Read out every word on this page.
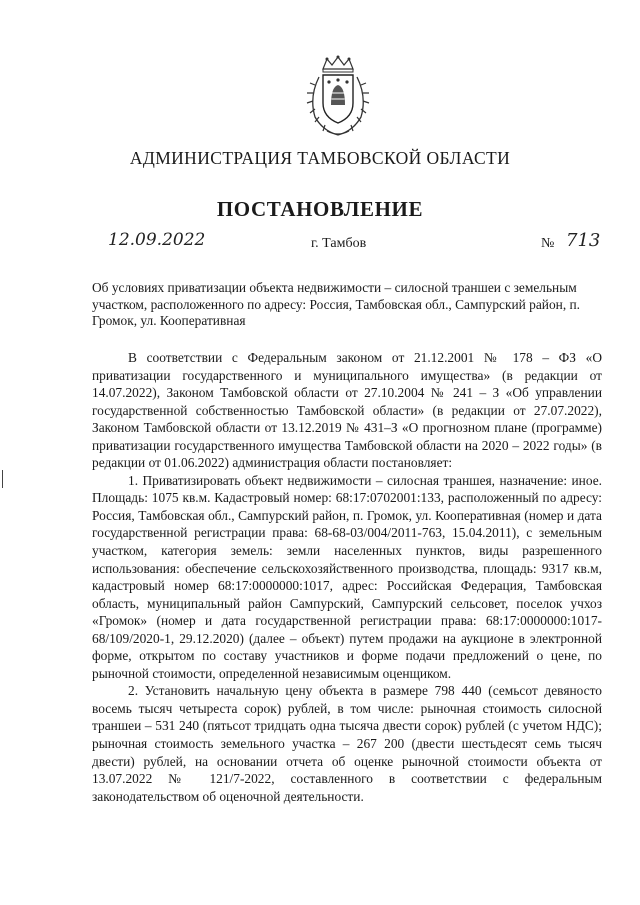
АДМИНИСТРАЦИЯ ТАМБОВСКОЙ ОБЛАСТИ
ПОСТАНОВЛЕНИЕ
12.09.2022	г. Тамбов	№ 713
Об условиях приватизации объекта недвижимости – силосной траншеи с земельным участком, расположенного по адресу: Россия, Тамбовская обл., Сампурский район, п. Громок, ул. Кооперативная

В соответствии с Федеральным законом от 21.12.2001 № 178 – ФЗ «О приватизации государственного и муниципального имущества» (в редакции от 14.07.2022), Законом Тамбовской области от 27.10.2004 № 241 – З «Об управлении государственной собственностью Тамбовской области» (в редакции от 27.07.2022), Законом Тамбовской области от 13.12.2019 № 431–З «О прогнозном плане (программе) приватизации государственного имущества Тамбовской области на 2020 – 2022 годы» (в редакции от 01.06.2022) администрация области постановляет:

1. Приватизировать объект недвижимости – силосная траншея, назначение: иное. Площадь: 1075 кв.м. Кадастровый номер: 68:17:0702001:133, расположенный по адресу: Россия, Тамбовская обл., Сампурский район, п. Громок, ул. Кооперативная (номер и дата государственной регистрации права: 68-68-03/004/2011-763, 15.04.2011), с земельным участком, категория земель: земли населенных пунктов, виды разрешенного использования: обеспечение сельскохозяйственного производства, площадь: 9317 кв.м, кадастровый номер 68:17:0000000:1017, адрес: Российская Федерация, Тамбовская область, муниципальный район Сампурский, Сампурский сельсовет, поселок учхоз «Громок» (номер и дата государственной регистрации права: 68:17:0000000:1017-68/109/2020-1, 29.12.2020) (далее – объект) путем продажи на аукционе в электронной форме, открытом по составу участников и форме подачи предложений о цене, по рыночной стоимости, определенной независимым оценщиком.

2. Установить начальную цену объекта в размере 798 440 (семьсот девяносто восемь тысяч четыреста сорок) рублей, в том числе: рыночная стоимость силосной траншеи – 531 240 (пятьсот тридцать одна тысяча двести сорок) рублей (с учетом НДС); рыночная стоимость земельного участка – 267 200 (двести шестьдесят семь тысяч двести) рублей, на основании отчета об оценке рыночной стоимости объекта от 13.07.2022 № 121/7-2022, составленного в соответствии с федеральным законодательством об оценочной деятельности.
